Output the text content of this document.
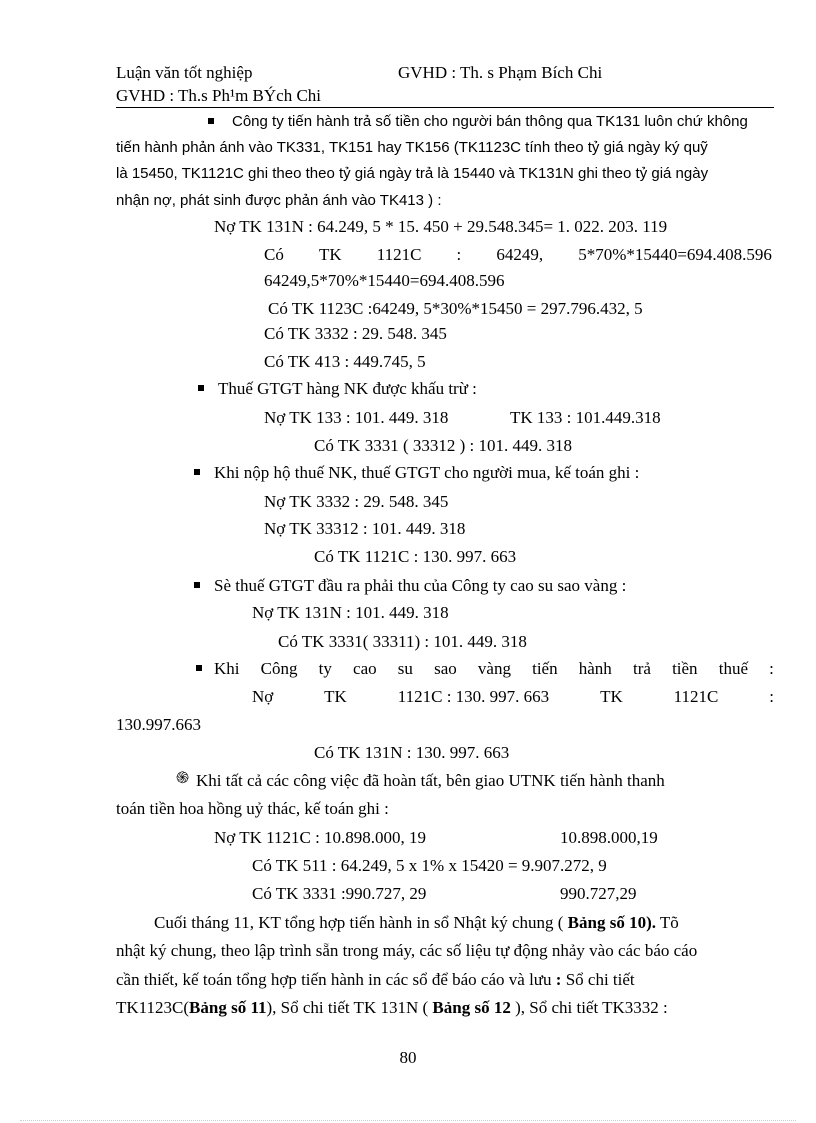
Luận văn tốt nghiệp	GVHD : Th. s Phạm Bích Chi
GVHD : Th.s Ph¹m BÝch Chi
Công ty tiến hành trả số tiền cho người bán thông qua TK131 luôn chứ không
tiến hành phản ánh vào TK331, TK151 hay TK156 (TK1123C tính theo tỷ giá ngày ký quỹ
là 15450, TK1121C ghi theo theo tỷ giá ngày trả là 15440 và TK131N ghi theo tỷ giá ngày
nhận nợ, phát sinh được phản ánh vào TK413 ) :
Nợ TK 131N : 64.249, 5 * 15. 450 + 29.548.345= 1. 022. 203. 119
Có TK 1121C : 64249, 5*70%*15440=694.408.596
64249,5*70%*15440=694.408.596
Có TK 1123C :64249, 5*30%*15450 = 297.796.432, 5
Có TK 3332 : 29. 548. 345
Có TK 413 : 449.745, 5
Thuế GTGT hàng NK được khấu trừ :
Nợ TK 133 : 101. 449. 318	TK 133 : 101.449.318
Có TK 3331 ( 33312 ) : 101. 449. 318
Khi nộp hộ thuế NK, thuế GTGT cho người mua, kế toán ghi :
Nợ TK 3332 : 29. 548. 345
Nợ TK 33312 : 101. 449. 318
Có TK 1121C : 130. 997. 663
Sè thuế GTGT đầu ra phải thu của Công ty cao su sao vàng :
Nợ TK 131N : 101. 449. 318
Có TK 3331( 33311) : 101. 449. 318
Khi Công ty cao su sao vàng tiến hành trả tiền thuế :
Nợ	TK	1121C : 130. 997. 663	TK	1121C	:
130.997.663
Có TK 131N : 130. 997. 663
֍ Khi tất cả các công việc đã hoàn tất, bên giao UTNK tiến hành thanh
toán tiền hoa hồng uỷ thác, kế toán ghi :
Nợ TK 1121C : 10.898.000, 19	10.898.000,19
Có TK 511 : 64.249, 5 x 1% x 15420 = 9.907.272, 9
Có TK 3331 :990.727, 29	990.727,29
Cuối tháng 11, KT tổng hợp tiến hành in sổ Nhật ký chung ( Bảng số 10). Tõ
nhật ký chung, theo lập trình sẵn trong máy, các số liệu tự động nhảy vào các báo cáo
cần thiết, kế toán tổng hợp tiến hành in các sổ để báo cáo và lưu : Sổ chi tiết
TK1123C(Bảng số 11), Sổ chi tiết TK 131N ( Bảng số 12 ), Sổ chi tiết TK3332 :
80
